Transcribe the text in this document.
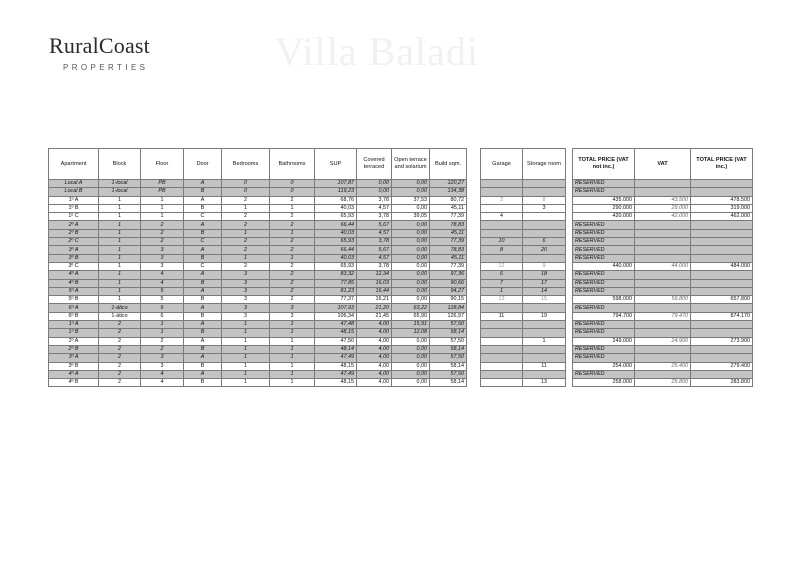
RuralCoast
PROPERTIES	Villa Baladi
Apartment	Block	Floor	Door	Bedrooms	Bathrooms	SUP	Covered terraced	Open terrace and solarium	Build sqm.
Local A	1-local	PB	A	0	0	107,87	0,00	0,00	120,27
Local B	1-local	PB	B	0	0	119,23	0,00	0,00	134,38
1º A	1	1	A	2	2	68,76	3,78	37,53	80,72
1º B	1	1	B	1	1	40,03	4,57	0,00	45,11
1º C	1	1	C	2	2	65,93	3,78	39,05	77,39
2º A	1	2	A	2	2	66,44	5,67	0,00	78,83
2º B	1	2	B	1	1	40,03	4,57	0,00	45,11
2º C	1	2	C	2	2	65,93	3,78	0,00	77,39
3º A	1	3	A	2	2	66,44	5,67	0,00	78,83
3º B	1	3	B	1	1	40,03	4,57	0,00	45,11
3º C	1	3	C	2	2	65,93	3,78	0,00	77,39
4º A	1	4	A	3	2	83,32	12,34	0,00	97,36
4º B	1	4	B	3	2	77,85	16,03	0,00	90,66
5º A	1	5	A	3	2	81,23	16,44	0,00	94,27
5º B	1	5	B	3	2	77,37	16,21	0,00	90,15
6º A	1-ático	6	A	3	3	107,93	21,20	63,22	128,84
6º B	1-ático	6	B	3	3	106,34	21,45	65,90	126,97
1º A	2	1	A	1	1	47,48	4,00	15,91	57,50
1º B	2	1	B	1	1	48,15	4,00	12,08	58,14
2º A	2	2	A	1	1	47,50	4,00	0,00	57,50
2º B	2	2	B	1	1	48,14	4,00	0,00	58,14
3º A	2	3	A	1	1	47,49	4,00	0,00	57,50
3º B	2	3	B	1	1	48,15	4,00	0,00	58,14
4º A	2	4	A	1	1	47,49	4,00	0,00	57,50
4º B	2	4	B	1	1	48,15	4,00	0,00	58,14
Garage	Storage room

3	8
	3
4	

10	6
8	20

12	9
6	18
7	17
1	14
13	15

11	19

	1

	11

	13
TOTAL PRICE (VAT not inc.)	VAT	TOTAL PRICE (VAT inc.)
RESERVED		
RESERVED		
435.000	43.500	478.500
290.000	29.000	319.000
420.000	42.000	462.000
RESERVED		
RESERVED		
RESERVED		
RESERVED		
RESERVED		
440.000	44.000	484.000
RESERVED		
RESERVED		
RESERVED		
598.000	59.800	657.800
RESERVED		
794.700	79.470	874.170
RESERVED		
RESERVED		
249.000	24.900	273.900
RESERVED		
RESERVED		
254.000	25.400	279.400
RESERVED		
258.000	25.800	283.800
